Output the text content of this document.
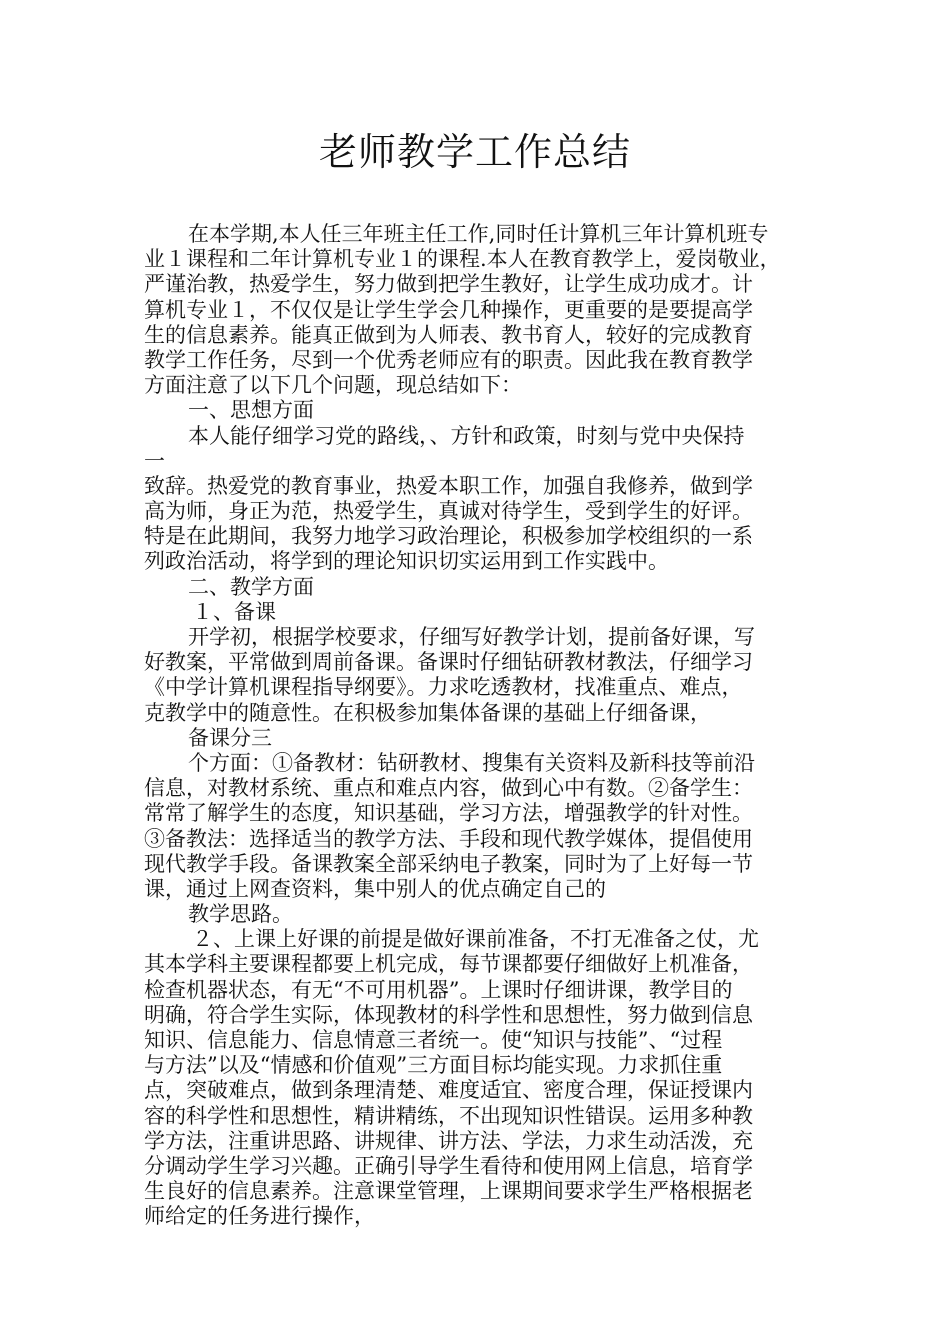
老师教学工作总结
在本学期,本人任三年班主任工作,同时任计算机三年计算机班专
业１课程和二年计算机专业１的课程.本人在教育教学上，爱岗敬业，
严谨治教，热爱学生，努力做到把学生教好，让学生成功成才。计
算机专业１，不仅仅是让学生学会几种操作，更重要的是要提高学
生的信息素养。能真正做到为人师表、教书育人，较好的完成教育
教学工作任务，尽到一个优秀老师应有的职责。因此我在教育教学
方面注意了以下几个问题，现总结如下：
一、思想方面
本人能仔细学习党的路线，、方针和政策，时刻与党中央保持
一
致辞。热爱党的教育事业，热爱本职工作，加强自我修养，做到学
高为师，身正为范，热爱学生，真诚对待学生，受到学生的好评。
特是在此期间，我努力地学习政治理论，积极参加学校组织的一系
列政治活动，将学到的理论知识切实运用到工作实践中。
二、教学方面
１、备课
开学初，根据学校要求，仔细写好教学计划，提前备好课，写
好教案，平常做到周前备课。备课时仔细钻研教材教法，仔细学习
《中学计算机课程指导纲要》。力求吃透教材，找准重点、难点，
克教学中的随意性。在积极参加集体备课的基础上仔细备课，
备课分三
个方面：①备教材：钻研教材、搜集有关资料及新科技等前沿
信息，对教材系统、重点和难点内容，做到心中有数。②备学生：
常常了解学生的态度，知识基础，学习方法，增强教学的针对性。
③备教法：选择适当的教学方法、手段和现代教学媒体，提倡使用
现代教学手段。备课教案全部采纳电子教案，同时为了上好每一节
课，通过上网查资料，集中别人的优点确定自己的
教学思路。
２、上课上好课的前提是做好课前准备，不打无准备之仗，尤
其本学科主要课程都要上机完成，每节课都要仔细做好上机准备，
检查机器状态，有无“不可用机器”。上课时仔细讲课，教学目的
明确，符合学生实际，体现教材的科学性和思想性，努力做到信息
知识、信息能力、信息情意三者统一。使“知识与技能”、“过程
与方法”以及“情感和价值观”三方面目标均能实现。力求抓住重
点，突破难点，做到条理清楚、难度适宜、密度合理，保证授课内
容的科学性和思想性，精讲精练，不出现知识性错误。运用多种教
学方法，注重讲思路、讲规律、讲方法、学法，力求生动活泼，充
分调动学生学习兴趣。正确引导学生看待和使用网上信息，培育学
生良好的信息素养。注意课堂管理，上课期间要求学生严格根据老
师给定的任务进行操作，
